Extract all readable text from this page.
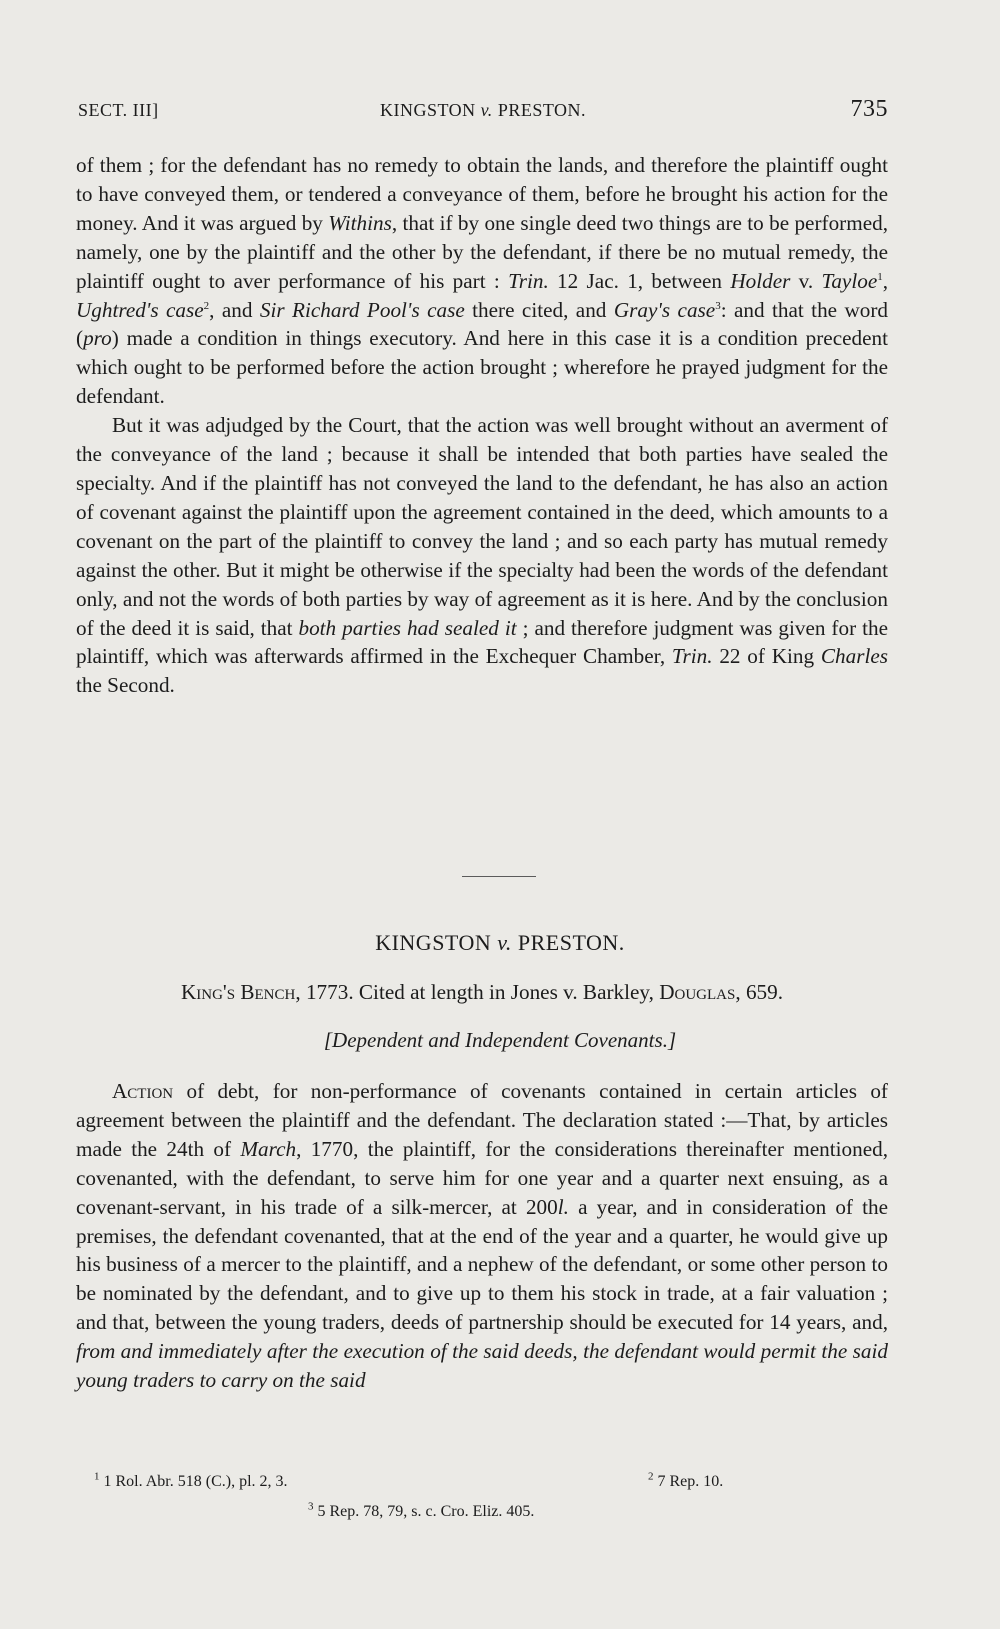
SECT. III]	KINGSTON v. PRESTON.	735

of them ; for the defendant has no remedy to obtain the lands, and therefore the plaintiff ought to have conveyed them, or tendered a conveyance of them, before he brought his action for the money. And it was argued by Withins, that if by one single deed two things are to be performed, namely, one by the plaintiff and the other by the defendant, if there be no mutual remedy, the plaintiff ought to aver performance of his part : Trin. 12 Jac. 1, between Holder v. Tayloe$^1$, Ughtred's case$^2$, and Sir Richard Pool's case there cited, and Gray's case$^3$: and that the word (pro) made a condition in things executory. And here in this case it is a condition precedent which ought to be performed before the action brought ; wherefore he prayed judgment for the defendant.

But it was adjudged by the Court, that the action was well brought without an averment of the conveyance of the land ; because it shall be intended that both parties have sealed the specialty. And if the plaintiff has not conveyed the land to the defendant, he has also an action of covenant against the plaintiff upon the agreement contained in the deed, which amounts to a covenant on the part of the plaintiff to convey the land ; and so each party has mutual remedy against the other. But it might be otherwise if the specialty had been the words of the defendant only, and not the words of both parties by way of agreement as it is here. And by the conclusion of the deed it is said, that both parties had sealed it ; and therefore judgment was given for the plaintiff, which was afterwards affirmed in the Exchequer Chamber, Trin. 22 of King Charles the Second.

KINGSTON v. PRESTON.
King's Bench, 1773. Cited at length in Jones v. Barkley, Douglas, 659.
[Dependent and Independent Covenants.]

Action of debt, for non-performance of covenants contained in certain articles of agreement between the plaintiff and the defendant. The declaration stated :—That, by articles made the 24th of March, 1770, the plaintiff, for the considerations thereinafter mentioned, covenanted, with the defendant, to serve him for one year and a quarter next ensuing, as a covenant-servant, in his trade of a silk-mercer, at 200l. a year, and in consideration of the premises, the defendant covenanted, that at the end of the year and a quarter, he would give up his business of a mercer to the plaintiff, and a nephew of the defendant, or some other person to be nominated by the defendant, and to give up to them his stock in trade, at a fair valuation ; and that, between the young traders, deeds of partnership should be executed for 14 years, and, from and immediately after the execution of the said deeds, the defendant would permit the said young traders to carry on the said

$^1$ 1 Rol. Abr. 518 (C.), pl. 2, 3.	$^2$ 7 Rep. 10.
$^3$ 5 Rep. 78, 79, s. c. Cro. Eliz. 405.
